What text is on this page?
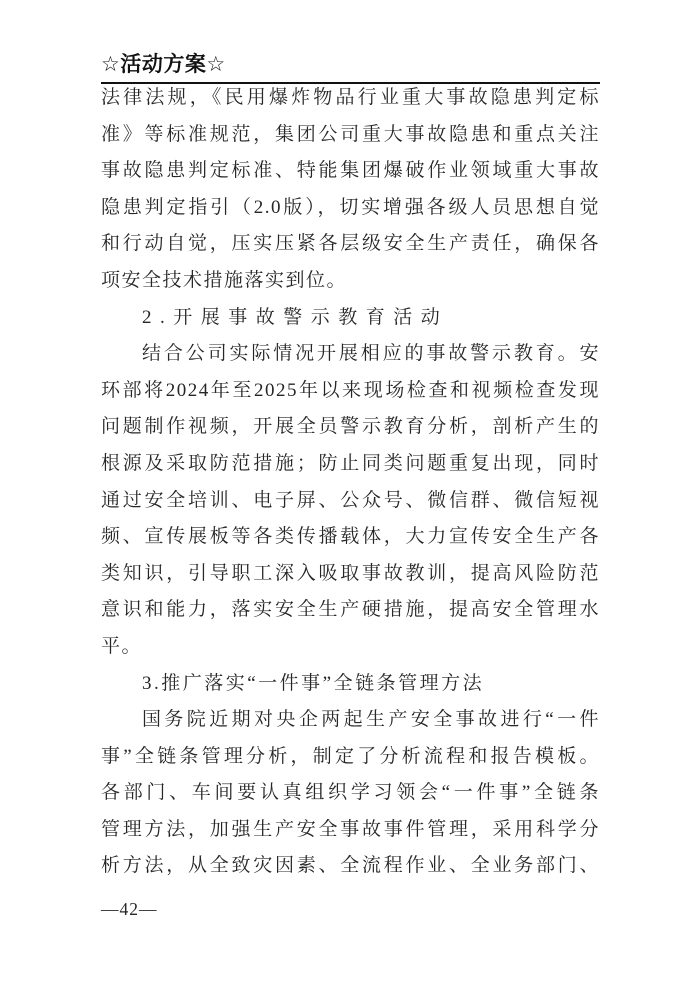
☆活动方案☆
法律法规，《民用爆炸物品行业重大事故隐患判定标
准》等标准规范，集团公司重大事故隐患和重点关注
事故隐患判定标准、特能集团爆破作业领域重大事故
隐患判定指引（2.0版），切实增强各级人员思想自觉
和行动自觉，压实压紧各层级安全生产责任，确保各
项安全技术措施落实到位。
2.开展事故警示教育活动
结合公司实际情况开展相应的事故警示教育。安
环部将2024年至2025年以来现场检查和视频检查发现
问题制作视频，开展全员警示教育分析，剖析产生的
根源及采取防范措施；防止同类问题重复出现，同时
通过安全培训、电子屏、公众号、微信群、微信短视
频、宣传展板等各类传播载体，大力宣传安全生产各
类知识，引导职工深入吸取事故教训，提高风险防范
意识和能力，落实安全生产硬措施，提高安全管理水
平。
3.推广落实“一件事”全链条管理方法
国务院近期对央企两起生产安全事故进行“一件
事”全链条管理分析，制定了分析流程和报告模板。
各部门、车间要认真组织学习领会“一件事”全链条
管理方法，加强生产安全事故事件管理，采用科学分
析方法，从全致灾因素、全流程作业、全业务部门、
—42—
